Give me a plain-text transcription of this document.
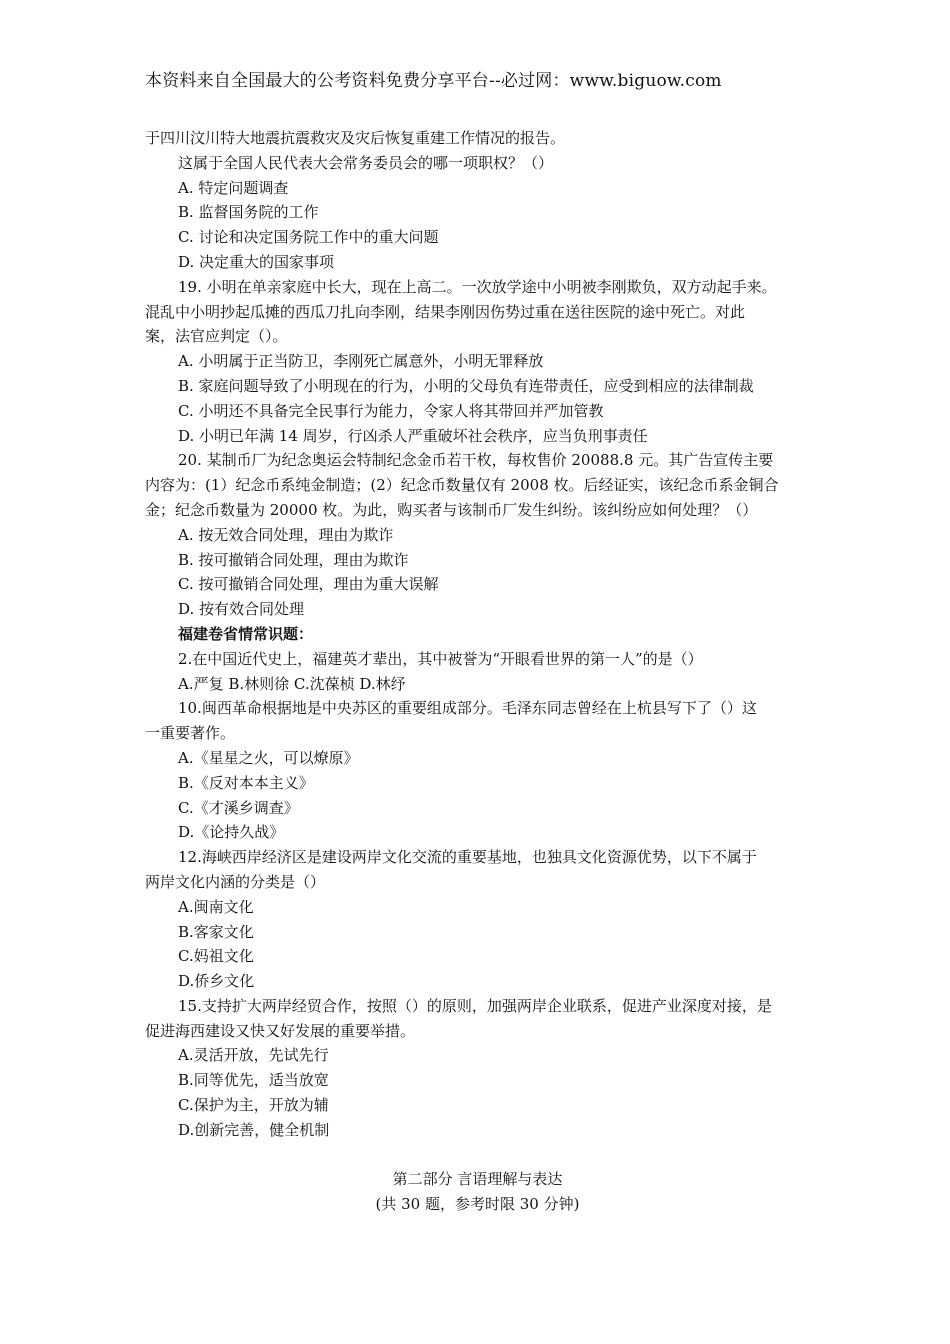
本资料来自全国最大的公考资料免费分享平台--必过网：www.biguow.com
于四川汶川特大地震抗震救灾及灾后恢复重建工作情况的报告。
这属于全国人民代表大会常务委员会的哪一项职权？（）
A. 特定问题调查
B. 监督国务院的工作
C. 讨论和决定国务院工作中的重大问题
D. 决定重大的国家事项
19. 小明在单亲家庭中长大，现在上高二。一次放学途中小明被李刚欺负，双方动起手来。
混乱中小明抄起瓜摊的西瓜刀扎向李刚，结果李刚因伤势过重在送往医院的途中死亡。对此
案，法官应判定（）。
A. 小明属于正当防卫，李刚死亡属意外，小明无罪释放
B. 家庭问题导致了小明现在的行为，小明的父母负有连带责任，应受到相应的法律制裁
C. 小明还不具备完全民事行为能力，令家人将其带回并严加管教
D. 小明已年满 14 周岁，行凶杀人严重破坏社会秩序，应当负刑事责任
20. 某制币厂为纪念奥运会特制纪念金币若干枚，每枚售价 20088.8 元。其广告宣传主要
内容为：(1）纪念币系纯金制造；(2）纪念币数量仅有 2008 枚。后经证实，该纪念币系金铜合
金；纪念币数量为 20000 枚。为此，购买者与该制币厂发生纠纷。该纠纷应如何处理？（）
A. 按无效合同处理，理由为欺诈
B. 按可撤销合同处理，理由为欺诈
C. 按可撤销合同处理，理由为重大误解
D. 按有效合同处理
福建卷省情常识题：
2.在中国近代史上，福建英才辈出，其中被誉为“开眼看世界的第一人”的是（）
A.严复 B.林则徐 C.沈葆桢 D.林纾
10.闽西革命根据地是中央苏区的重要组成部分。毛泽东同志曾经在上杭县写下了（）这
一重要著作。
A.《星星之火，可以燎原》
B.《反对本本主义》
C.《才溪乡调查》
D.《论持久战》
12.海峡西岸经济区是建设两岸文化交流的重要基地，也独具文化资源优势，以下不属于
两岸文化内涵的分类是（）
A.闽南文化
B.客家文化
C.妈祖文化
D.侨乡文化
15.支持扩大两岸经贸合作，按照（）的原则，加强两岸企业联系，促进产业深度对接，是
促进海西建设又快又好发展的重要举措。
A.灵活开放，先试先行
B.同等优先，适当放宽
C.保护为主，开放为辅
D.创新完善，健全机制
第二部分 言语理解与表达
(共 30 题，参考时限 30 分钟)
